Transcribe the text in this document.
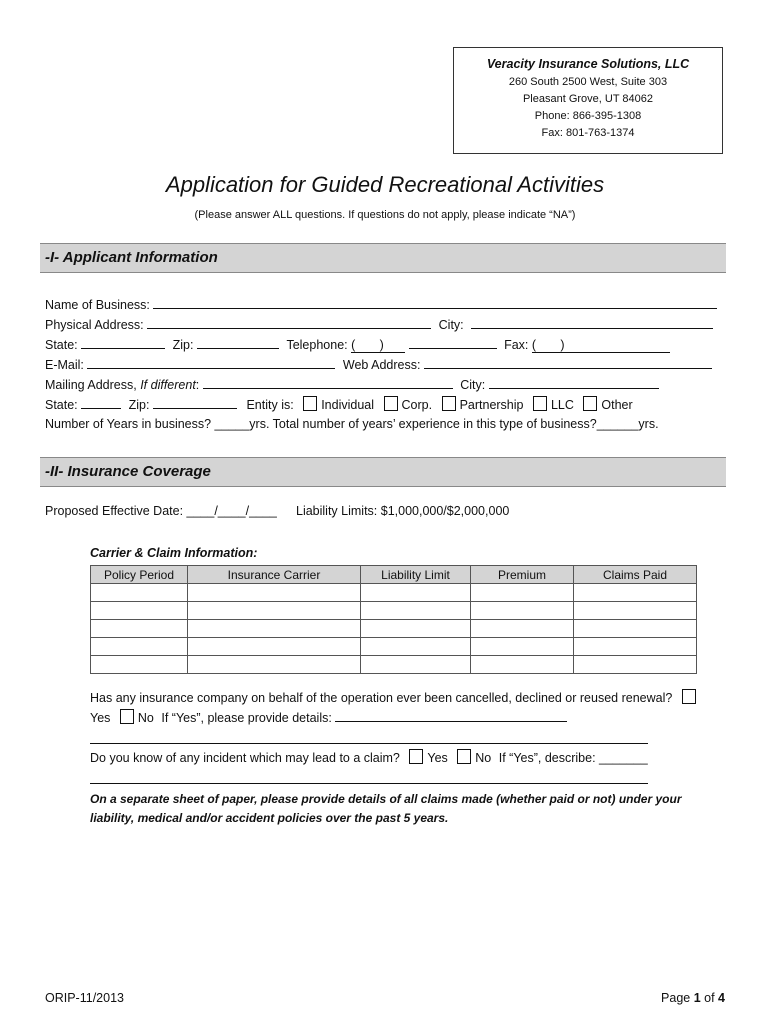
Veracity Insurance Solutions, LLC
260 South 2500 West, Suite 303
Pleasant Grove, UT 84062
Phone: 866-395-1308
Fax: 801-763-1374
Application for Guided Recreational Activities
(Please answer ALL questions. If questions do not apply, please indicate “NA”)
-I- Applicant Information
Name of Business:
Physical Address:	City:
State:	Zip:	Telephone: ( )	Fax: ( )
E-Mail:	Web Address:
Mailing Address, If different:	City:
State:	Zip:	Entity is: Individual Corp. Partnership LLC Other
Number of Years in business? _____yrs. Total number of years’ experience in this type of business?______yrs.
-II- Insurance Coverage
Proposed Effective Date: ____/____/____ Liability Limits: $1,000,000/$2,000,000
Carrier & Claim Information:
Policy Period	Insurance Carrier	Liability Limit	Premium	Claims Paid

Has any insurance company on behalf of the operation ever been cancelled, declined or reused renewal?
Yes No If “Yes”, please provide details:
Do you know of any incident which may lead to a claim? Yes No If “Yes”, describe: _______
On a separate sheet of paper, please provide details of all claims made (whether paid or not) under your liability, medical and/or accident policies over the past 5 years.
ORIP-11/2013	Page 1 of 4
